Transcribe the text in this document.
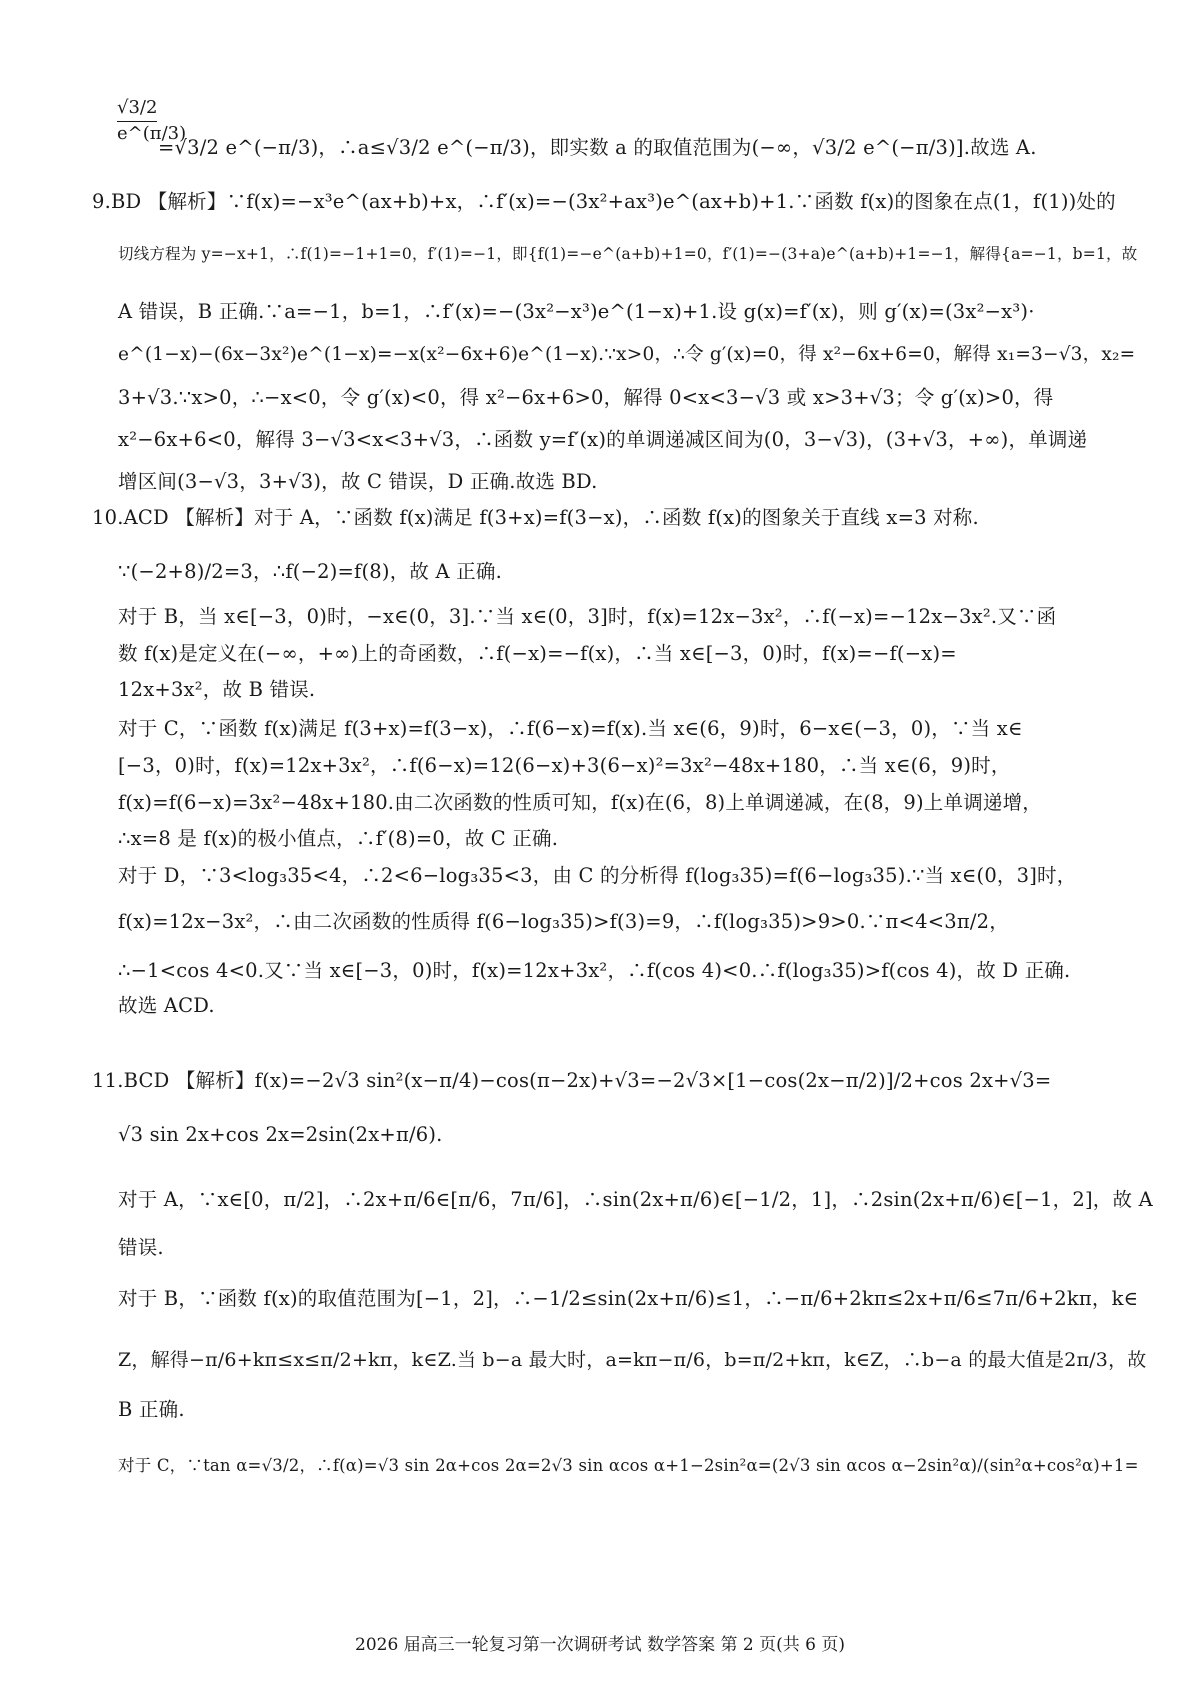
√3/2
e^(π/3)
=√3/2 e^(−π/3)，∴a≤√3/2 e^(−π/3)，即实数 a 的取值范围为(−∞，√3/2 e^(−π/3)].故选 A.
9.BD 【解析】∵f(x)=−x³e^(ax+b)+x，∴f′(x)=−(3x²+ax³)e^(ax+b)+1.∵函数 f(x)的图象在点(1，f(1))处的
切线方程为 y=−x+1，∴f(1)=−1+1=0，f′(1)=−1，即{f(1)=−e^(a+b)+1=0，f′(1)=−(3+a)e^(a+b)+1=−1，解得{a=−1，b=1，故
A 错误，B 正确.∵a=−1，b=1，∴f′(x)=−(3x²−x³)e^(1−x)+1.设 g(x)=f′(x)，则 g′(x)=(3x²−x³)·
e^(1−x)−(6x−3x²)e^(1−x)=−x(x²−6x+6)e^(1−x).∵x>0，∴令 g′(x)=0，得 x²−6x+6=0，解得 x₁=3−√3，x₂=
3+√3.∵x>0，∴−x<0，令 g′(x)<0，得 x²−6x+6>0，解得 0<x<3−√3 或 x>3+√3；令 g′(x)>0，得
x²−6x+6<0，解得 3−√3<x<3+√3，∴函数 y=f′(x)的单调递减区间为(0，3−√3)，(3+√3，+∞)，单调递
增区间(3−√3，3+√3)，故 C 错误，D 正确.故选 BD.
10.ACD 【解析】对于 A，∵函数 f(x)满足 f(3+x)=f(3−x)，∴函数 f(x)的图象关于直线 x=3 对称.
∵(−2+8)/2=3，∴f(−2)=f(8)，故 A 正确.
对于 B，当 x∈[−3，0)时，−x∈(0，3].∵当 x∈(0，3]时，f(x)=12x−3x²，∴f(−x)=−12x−3x².又∵函
数 f(x)是定义在(−∞，+∞)上的奇函数，∴f(−x)=−f(x)，∴当 x∈[−3，0)时，f(x)=−f(−x)=
12x+3x²，故 B 错误.
对于 C，∵函数 f(x)满足 f(3+x)=f(3−x)，∴f(6−x)=f(x).当 x∈(6，9)时，6−x∈(−3，0)，∵当 x∈
[−3，0)时，f(x)=12x+3x²，∴f(6−x)=12(6−x)+3(6−x)²=3x²−48x+180，∴当 x∈(6，9)时，
f(x)=f(6−x)=3x²−48x+180.由二次函数的性质可知，f(x)在(6，8)上单调递减，在(8，9)上单调递增，
∴x=8 是 f(x)的极小值点，∴f′(8)=0，故 C 正确.
对于 D，∵3<log₃35<4，∴2<6−log₃35<3，由 C 的分析得 f(log₃35)=f(6−log₃35).∵当 x∈(0，3]时，
f(x)=12x−3x²，∴由二次函数的性质得 f(6−log₃35)>f(3)=9，∴f(log₃35)>9>0.∵π<4<3π/2，
∴−1<cos 4<0.又∵当 x∈[−3，0)时，f(x)=12x+3x²，∴f(cos 4)<0.∴f(log₃35)>f(cos 4)，故 D 正确.
故选 ACD.
11.BCD 【解析】f(x)=−2√3 sin²(x−π/4)−cos(π−2x)+√3=−2√3×[1−cos(2x−π/2)]/2+cos 2x+√3=
√3 sin 2x+cos 2x=2sin(2x+π/6).
对于 A，∵x∈[0，π/2]，∴2x+π/6∈[π/6，7π/6]，∴sin(2x+π/6)∈[−1/2，1]，∴2sin(2x+π/6)∈[−1，2]，故 A
错误.
对于 B，∵函数 f(x)的取值范围为[−1，2]，∴−1/2≤sin(2x+π/6)≤1，∴−π/6+2kπ≤2x+π/6≤7π/6+2kπ，k∈
Z，解得−π/6+kπ≤x≤π/2+kπ，k∈Z.当 b−a 最大时，a=kπ−π/6，b=π/2+kπ，k∈Z，∴b−a 的最大值是2π/3，故
B 正确.
对于 C，∵tan α=√3/2，∴f(α)=√3 sin 2α+cos 2α=2√3 sin αcos α+1−2sin²α=(2√3 sin αcos α−2sin²α)/(sin²α+cos²α)+1=
2026 届高三一轮复习第一次调研考试 数学答案 第 2 页(共 6 页)
